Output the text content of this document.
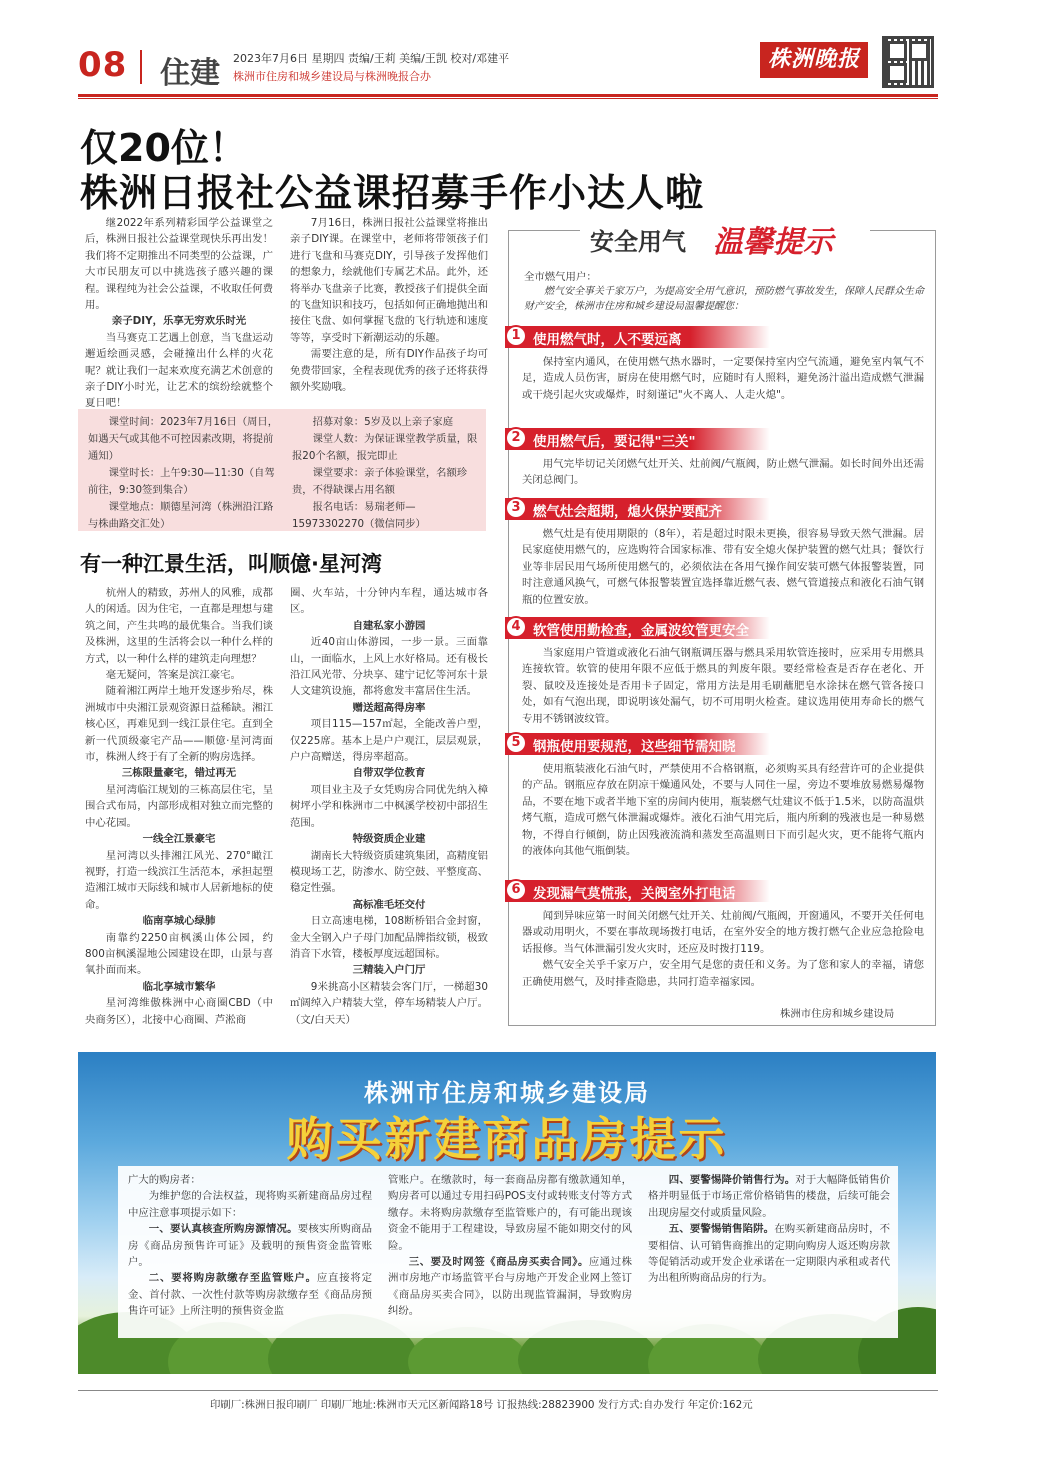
08 住建 2023年7月6日 星期四 责编/王莉 美编/王凯 校对/邓建平
株洲市住房和城乡建设局与株洲晚报合办
株洲晚报
仅20位！
株洲日报社公益课招募手作小达人啦

继2022年系列精彩国学公益课堂之后，株洲日报社公益课堂现快乐再出发！我们将不定期推出不同类型的公益课，广大市民朋友可以中挑选孩子感兴趣的课程。课程纯为社会公益课，不收取任何费用。

亲子DIY，乐享无穷欢乐时光

当马赛克工艺遇上创意，当飞盘运动邂逅绘画灵感，会碰撞出什么样的火花呢？就让我们一起来欢度充满艺术创意的亲子DIY小时光，让艺术的缤纷绘就整个夏日吧！

7月16日，株洲日报社公益课堂将推出亲子DIY课。在课堂中，老师将带领孩子们进行飞盘和马赛克DIY，引导孩子发挥他们的想象力，绘就他们专属艺术品。此外，还将举办飞盘亲子比赛，教授孩子们提供全面的飞盘知识和技巧，包括如何正确地抛出和接住飞盘、如何掌握飞盘的飞行轨迹和速度等等，享受时下新潮运动的乐趣。

需要注意的是，所有DIY作品孩子均可免费带回家，全程表现优秀的孩子还将获得额外奖励哦。

课堂时间：2023年7月16日（周日，如遇天气或其他不可控因素改期，将提前通知）

课堂时长：上午9:30—11:30（自驾前往，9:30签到集合）

课堂地点：顺德星河湾（株洲沿江路与株曲路交汇处）

招募对象：5岁及以上亲子家庭

课堂人数：为保证课堂教学质量，限报20个名额，报完即止

课堂要求：亲子体验课堂，名额珍贵，不得缺课占用名额

报名电话：易瑞老师—15973302270（微信同步）

有一种江景生活，叫顺億·星河湾

杭州人的精致，苏州人的风雅，成都人的闲适。因为住宅，一直都是理想与建筑之间，产生共鸣的最优集合。当我们谈及株洲，这里的生活将会以一种什么样的方式，以一种什么样的建筑走向理想？

毫无疑问，答案是滨江豪宅。

随着湘江两岸土地开发逐步殆尽，株洲城市中央湘江景观资源日益稀缺。湘江核心区，再难见到一线江景住宅。直到全新一代顶级豪宅产品——顺億·星河湾面市，株洲人终于有了全新的购房选择。

三栋限量豪宅，错过再无

星河湾临江规划的三栋高层住宅，呈围合式布局，内部形成相对独立而完整的中心花园。

一线全江景豪宅

星河湾以头排湘江风光、270°瞰江视野，打造一线滨江生活范本，承担起塑造湘江城市天际线和城市人居新地标的使命。

临南享城心绿肺

南靠约2250亩枫溪山体公园，约800亩枫溪湿地公园建设在即，山景与喜氧扑面而来。

临北享城市繁华

星河湾维傲株洲中心商圈CBD（中央商务区），北接中心商圈、芦淞商

圈、火车站，十分钟内车程，通达城市各区。

自建私家小游园

近40亩山体游园，一步一景。三面靠山，一面临水，上风上水好格局。还有极长沿江风光带、分块享、建宁记忆等河东十景人文建筑设施，都将愈发丰富居住生活。

赠送超高得房率

项目115—157㎡起，全能改善户型，仅225席。基本上是户户观江，层层观景，户户高赠送，得房率超高。

自带双学位教育

项目业主及子女凭购房合同优先纳入樟树坪小学和株洲市二中枫溪学校初中部招生范围。

特级资质企业建

湖南长大特级资质建筑集团，高精度铝模现场工艺，防渗水、防空鼓、平整度高、稳定性强。

高标准毛坯交付

日立高速电梯，108断桥铝合金封窗，金大全钢入户子母门加配品牌指纹锁，极致消音下水管，楼板厚度远超国标。

三精装入户门厅

9米挑高小区精装会客门厅，一梯超30㎡阔绰入户精装大堂，停车场精装人户厅。 （文/白天天）

安全用气 温馨提示
全市燃气用户：
燃气安全事关千家万户，为提高安全用气意识，预防燃气事故发生，保障人民群众生命财产安全，株洲市住房和城乡建设局温馨提醒您：
1 使用燃气时，人不要远离

保持室内通风，在使用燃气热水器时，一定要保持室内空气流通，避免室内氧气不足，造成人员伤害，厨房在使用燃气时，应随时有人照料，避免汤汁溢出造成燃气泄漏或干烧引起火灾或爆炸，时刻谨记"火不离人、人走火熄"。

2 使用燃气后，要记得"三关"

用气完毕切记关闭燃气灶开关、灶前阀/气瓶阀，防止燃气泄漏。如长时间外出还需关闭总阀门。

3 燃气灶会超期，熄火保护要配齐

燃气灶是有使用期限的（8年），若是超过时限未更换，很容易导致天然气泄漏。居民家庭使用燃气的，应选购符合国家标准、带有安全熄火保护装置的燃气灶具；餐饮行业等非居民用气场所使用燃气的，必须依法在各用气操作间安装可燃气体报警装置，同时注意通风换气，可燃气体报警装置宜选择靠近燃气表、燃气管道接点和液化石油气钢瓶的位置安放。

4 软管使用勤检查，金属波纹管更安全

当家庭用户管道或液化石油气钢瓶调压器与燃具采用软管连接时，应采用专用燃具连接软管。软管的使用年限不应低于燃具的判废年限。要经常检查是否存在老化、开裂、鼠咬及连接处是否用卡子固定，常用方法是用毛刷蘸肥皂水涂抹在燃气管各接口处，如有气泡出现，即说明该处漏气，切不可用明火检查。建议选用使用寿命长的燃气专用不锈钢波纹管。

5 钢瓶使用要规范，这些细节需知晓

使用瓶装液化石油气时，严禁使用不合格钢瓶，必须购买具有经营许可的企业提供的产品。钢瓶应存放在阴凉干燥通风处，不要与人同住一屋，旁边不要堆放易燃易爆物品，不要在地下或者半地下室的房间内使用，瓶装燃气灶建议不低于1.5米，以防高温烘烤气瓶，造成可燃气体泄漏或爆炸。液化石油气用完后，瓶内所剩的残液也是一种易燃物，不得自行倾倒，防止因残液流淌和蒸发至高温则日下而引起火灾，更不能将气瓶内的液体向其他气瓶倒装。

6 发现漏气莫慌张，关阀室外打电话

闻到异味应第一时间关闭燃气灶开关、灶前阀/气瓶阀，开窗通风，不要开关任何电器或动用明火，不要在事故现场拨打电话，在室外安全的地方拨打燃气企业应急抢险电话报修。当气体泄漏引发火灾时，还应及时拨打119。

燃气安全关乎千家万户，安全用气是您的责任和义务。为了您和家人的幸福，请您正确使用燃气，及时排查隐患，共同打造幸福家园。

株洲市住房和城乡建设局
株洲市住房和城乡建设局
购买新建商品房提示

广大的购房者：

为维护您的合法权益，现将购买新建商品房过程中应注意事项提示如下：

一、要认真核查所购房源情况。要核实所购商品房《商品房预售许可证》及载明的预售资金监管账户。

二、要将购房款缴存至监管账户。应直接将定金、首付款、一次性付款等购房款缴存至《商品房预售许可证》上所注明的预售资金监

管账户。在缴款时，每一套商品房都有缴款通知单，购房者可以通过专用扫码POS支付或转账支付等方式缴存。未将购房款缴存至监管账户的，有可能出现该资金不能用于工程建设，导致房屋不能如期交付的风险。

三、要及时网签《商品房买卖合同》。应通过株洲市房地产市场监管平台与房地产开发企业网上签订《商品房买卖合同》，以防出现监管漏洞，导致购房纠纷。

四、要警惕降价销售行为。对于大幅降低销售价格并明显低于市场正常价格销售的楼盘，后续可能会出现房屋交付或质量风险。

五、要警惕销售陷阱。在购买新建商品房时，不要相信、认可销售商推出的定期向购房人返还购房款等促销活动或开发企业承诺在一定期限内承租或者代为出租所购商品房的行为。

印刷厂:株洲日报印刷厂 印刷厂地址:株洲市天元区新闻路18号 订报热线:28823900 发行方式:自办发行 年定价:162元
